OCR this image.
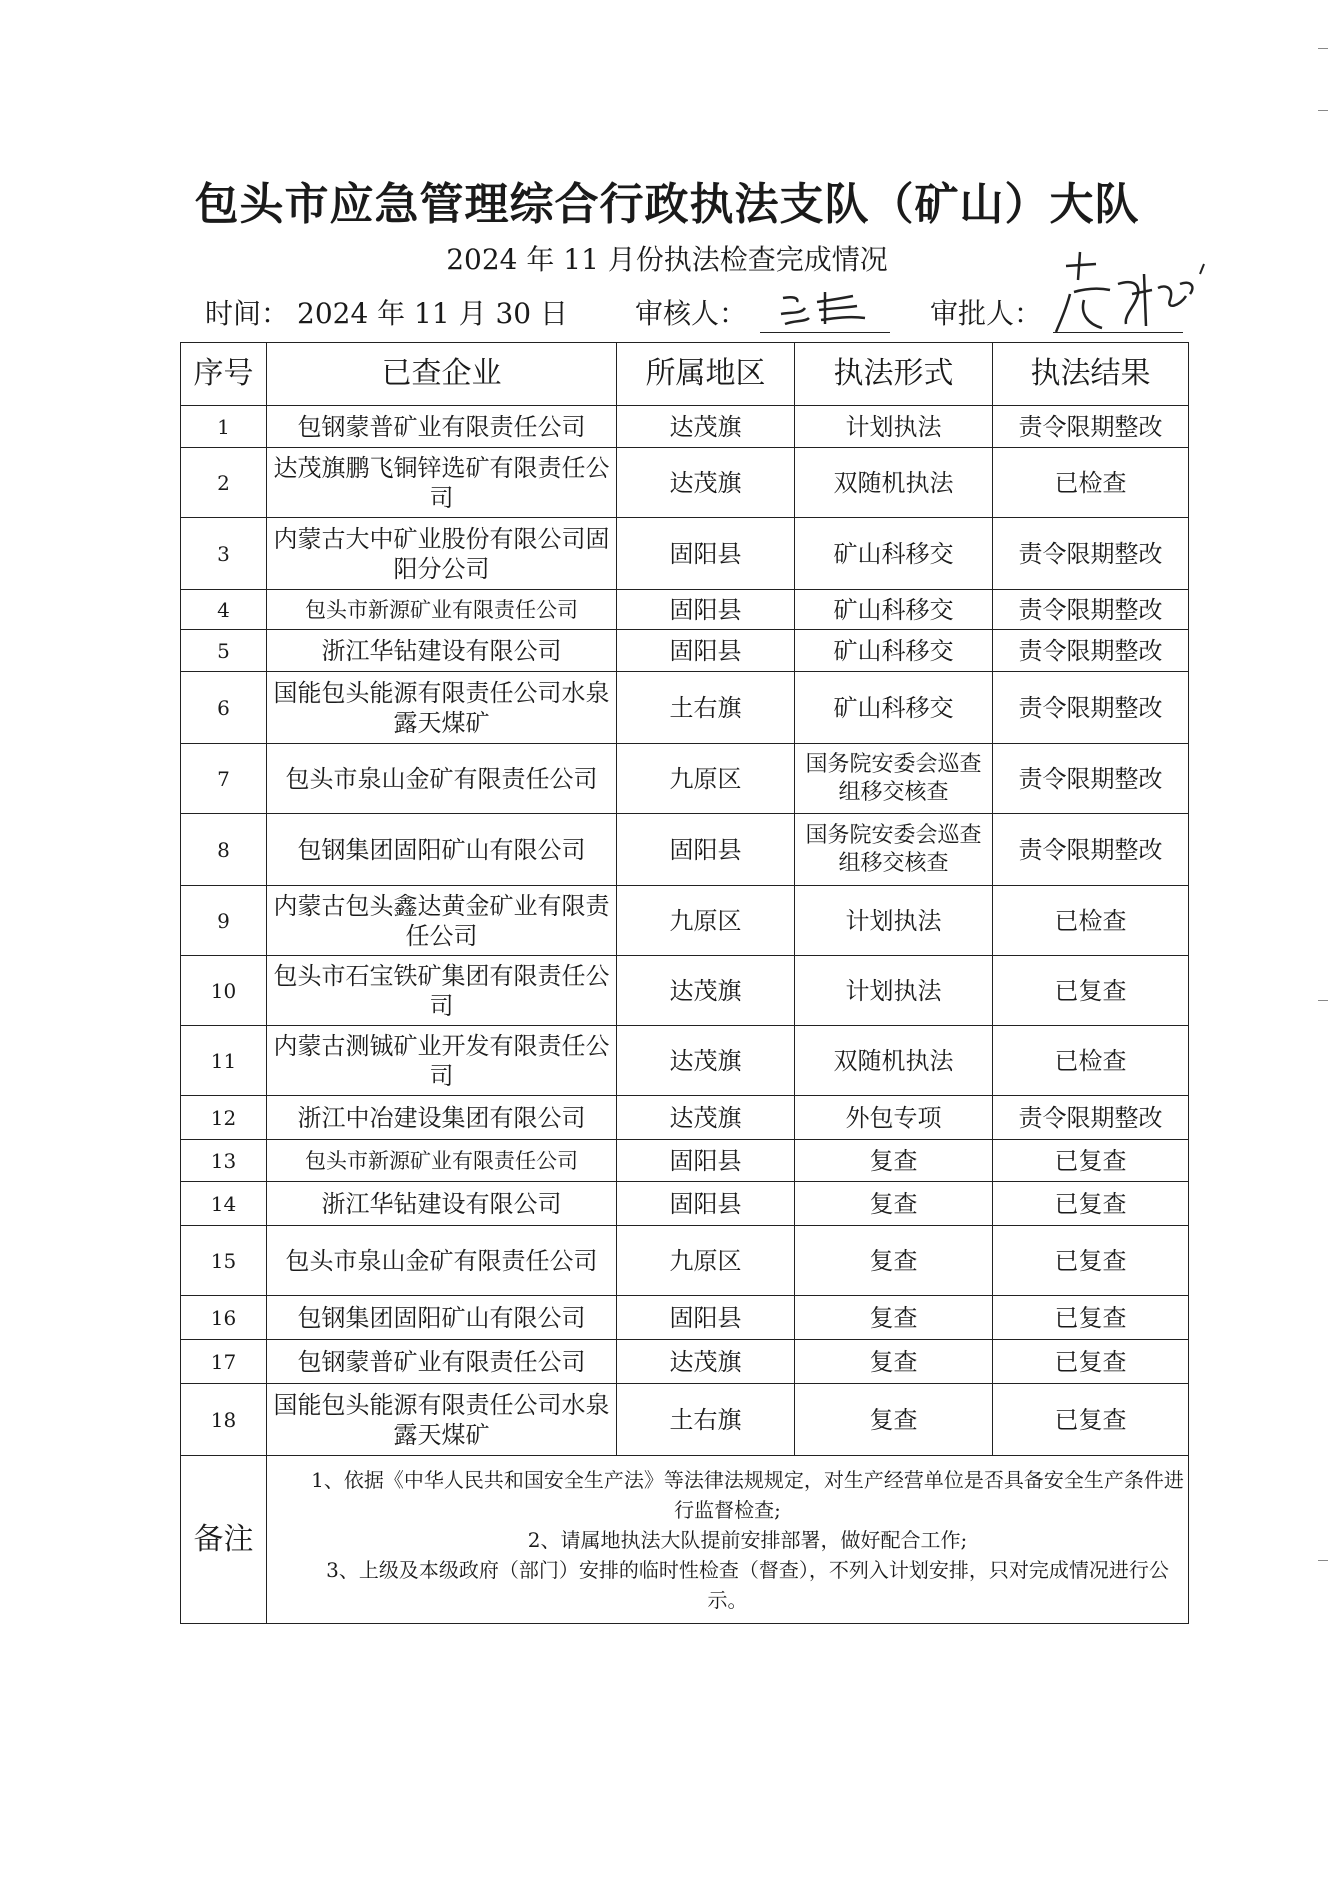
包头市应急管理综合行政执法支队（矿山）大队
2024 年 11 月份执法检查完成情况
时间： 2024 年 11 月 30 日 审核人：	审批人：
序号	已查企业	所属地区	执法形式	执法结果
1	包钢蒙普矿业有限责任公司	达茂旗	计划执法	责令限期整改
2	达茂旗鹏飞铜锌选矿有限责任公司	达茂旗	双随机执法	已检查
3	内蒙古大中矿业股份有限公司固阳分公司	固阳县	矿山科移交	责令限期整改
4	包头市新源矿业有限责任公司	固阳县	矿山科移交	责令限期整改
5	浙江华钻建设有限公司	固阳县	矿山科移交	责令限期整改
6	国能包头能源有限责任公司水泉露天煤矿	土右旗	矿山科移交	责令限期整改
7	包头市泉山金矿有限责任公司	九原区	国务院安委会巡查组移交核查	责令限期整改
8	包钢集团固阳矿山有限公司	固阳县	国务院安委会巡查组移交核查	责令限期整改
9	内蒙古包头鑫达黄金矿业有限责任公司	九原区	计划执法	已检查
10	包头市石宝铁矿集团有限责任公司	达茂旗	计划执法	已复查
11	内蒙古测铖矿业开发有限责任公司	达茂旗	双随机执法	已检查
12	浙江中冶建设集团有限公司	达茂旗	外包专项	责令限期整改
13	包头市新源矿业有限责任公司	固阳县	复查	已复查
14	浙江华钻建设有限公司	固阳县	复查	已复查
15	包头市泉山金矿有限责任公司	九原区	复查	已复查
16	包钢集团固阳矿山有限公司	固阳县	复查	已复查
17	包钢蒙普矿业有限责任公司	达茂旗	复查	已复查
18	国能包头能源有限责任公司水泉露天煤矿	土右旗	复查	已复查
备注	1、依据《中华人民共和国安全生产法》等法律法规规定，对生产经营单位是否具备安全生产条件进行监督检查;

2、请属地执法大队提前安排部署，做好配合工作;

3、上级及本级政府（部门）安排的临时性检查（督查），不列入计划安排，只对完成情况进行公示。			
